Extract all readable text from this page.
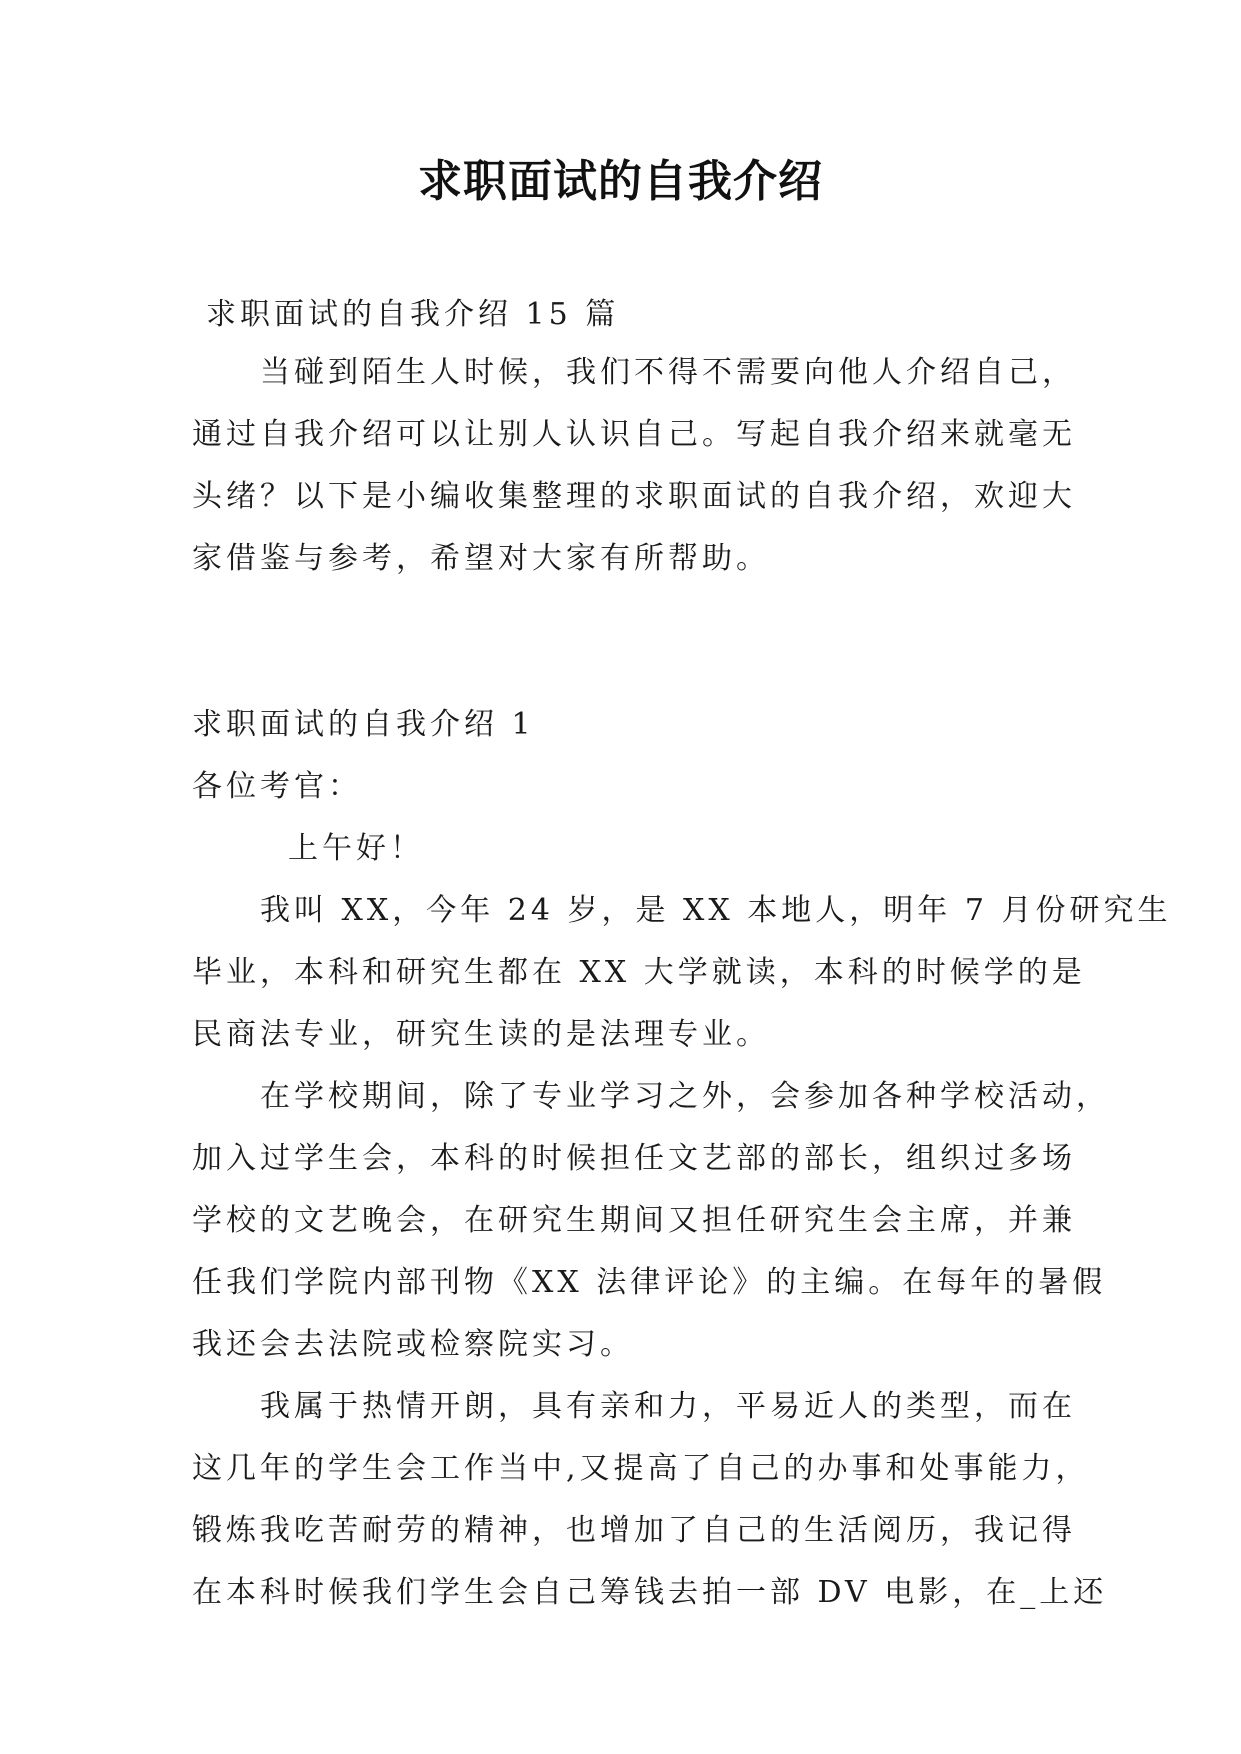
求职面试的自我介绍
求职面试的自我介绍 15 篇
当碰到陌生人时候，我们不得不需要向他人介绍自己，
通过自我介绍可以让别人认识自己。写起自我介绍来就毫无
头绪？以下是小编收集整理的求职面试的自我介绍，欢迎大
家借鉴与参考，希望对大家有所帮助。
求职面试的自我介绍 1
各位考官：
上午好！
我叫 XX，今年 24 岁，是 XX 本地人，明年 7 月份研究生
毕业，本科和研究生都在 XX 大学就读，本科的时候学的是
民商法专业，研究生读的是法理专业。
在学校期间，除了专业学习之外，会参加各种学校活动，
加入过学生会，本科的时候担任文艺部的部长，组织过多场
学校的文艺晚会，在研究生期间又担任研究生会主席，并兼
任我们学院内部刊物《XX 法律评论》的主编。在每年的暑假
我还会去法院或检察院实习。
我属于热情开朗，具有亲和力，平易近人的类型，而在
这几年的学生会工作当中,又提高了自己的办事和处事能力，
锻炼我吃苦耐劳的精神，也增加了自己的生活阅历，我记得
在本科时候我们学生会自己筹钱去拍一部 DV 电影，在_上还
